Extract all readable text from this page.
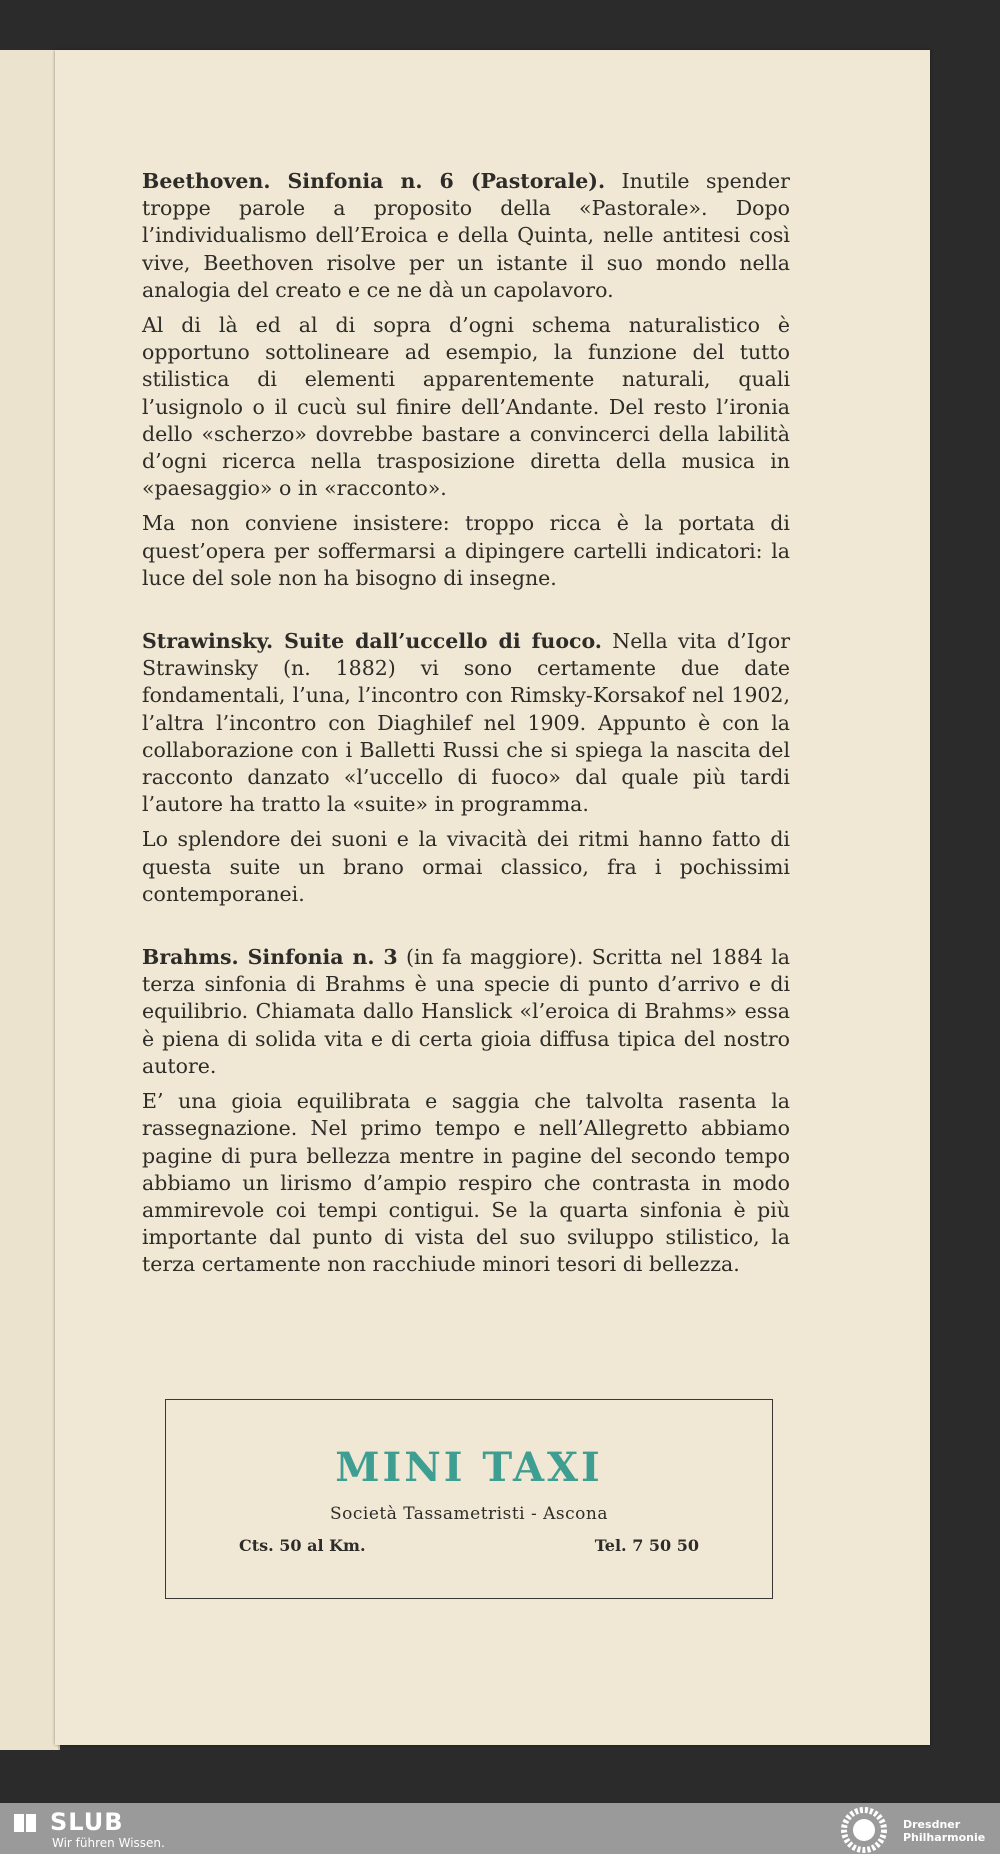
Beethoven. Sinfonia n. 6 (Pastorale). Inutile spender troppe parole a proposito della «Pastorale». Dopo l’individualismo dell’Eroica e della Quinta, nelle antitesi così vive, Beethoven risolve per un istante il suo mondo nella analogia del creato e ce ne dà un capolavoro.

Al di là ed al di sopra d’ogni schema naturalistico è opportuno sottolineare ad esempio, la funzione del tutto stilistica di elementi apparentemente naturali, quali l’usignolo o il cucù sul finire dell’Andante. Del resto l’ironia dello «scherzo» dovrebbe bastare a convincerci della labilità d’ogni ricerca nella trasposizione diretta della musica in «paesaggio» o in «racconto».

Ma non conviene insistere: troppo ricca è la portata di quest’opera per soffermarsi a dipingere cartelli indicatori: la luce del sole non ha bisogno di insegne.

Strawinsky. Suite dall’uccello di fuoco. Nella vita d’Igor Strawinsky (n. 1882) vi sono certamente due date fondamentali, l’una, l’incontro con Rimsky-Korsakof nel 1902, l’altra l’incontro con Diaghilef nel 1909. Appunto è con la collaborazione con i Balletti Russi che si spiega la nascita del racconto danzato «l’uccello di fuoco» dal quale più tardi l’autore ha tratto la «suite» in programma.

Lo splendore dei suoni e la vivacità dei ritmi hanno fatto di questa suite un brano ormai classico, fra i pochissimi contemporanei.

Brahms. Sinfonia n. 3 (in fa maggiore). Scritta nel 1884 la terza sinfonia di Brahms è una specie di punto d’arrivo e di equilibrio. Chiamata dallo Hanslick «l’eroica di Brahms» essa è piena di solida vita e di certa gioia diffusa tipica del nostro autore.

E’ una gioia equilibrata e saggia che talvolta rasenta la rassegnazione. Nel primo tempo e nell’Allegretto abbiamo pagine di pura bellezza mentre in pagine del secondo tempo abbiamo un lirismo d’ampio respiro che contrasta in modo ammirevole coi tempi contigui. Se la quarta sinfonia è più importante dal punto di vista del suo sviluppo stilistico, la terza certamente non racchiude minori tesori di bellezza.

MINI TAXI
Società Tassametristi - Ascona
Cts. 50 al Km.	Tel. 7 50 50
SLUB
Wir führen Wissen.
Dresdner
Philharmonie
